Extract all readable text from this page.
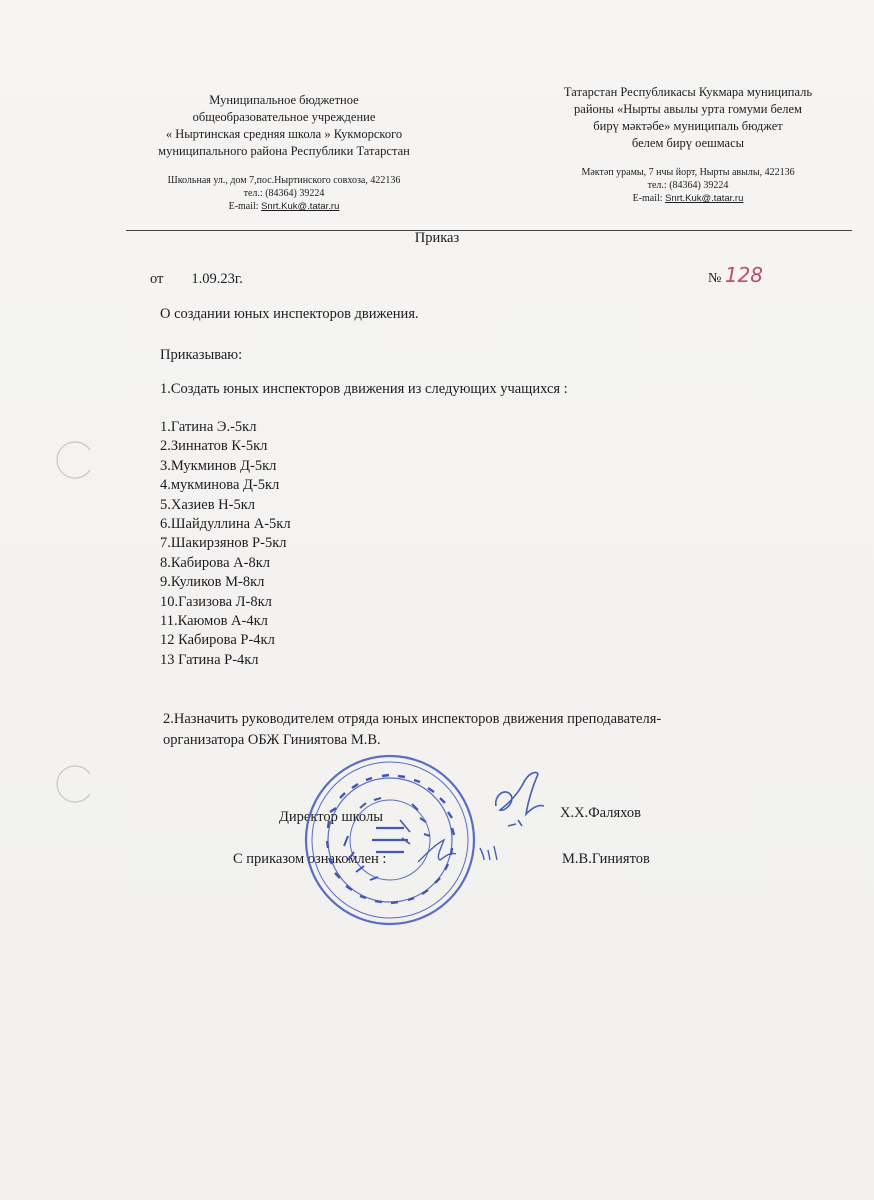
Муниципальное бюджетное
общеобразовательное учреждение
« Ныртинская средняя школа » Кукморского
муниципального района Республики Татарстан
Школьная ул., дом 7,пос.Ныртинского совхоза, 422136
тел.: (84364) 39224
E-mail: Snrt.Kuk@.tatar.ru
Татарстан Республикасы Кукмара муниципаль
районы «Нырты авылы урта гомуми белем
бирү мәктәбе» муниципаль бюджет
белем бирү оешмасы
Мәктәп урамы, 7 нчы йорт, Нырты авылы, 422136
тел.: (84364) 39224
E-mail: Snrt.Kuk@.tatar.ru
Приказ
от 1.09.23г.	№ 128
О создании юных инспекторов движения.
Приказываю:
1.Создать юных инспекторов движения из следующих учащихся :
1.Гатина Э.-5кл
2.Зиннатов К-5кл
3.Мукминов Д-5кл
4.мукминова Д-5кл
5.Хазиев Н-5кл
6.Шайдуллина А-5кл
7.Шакирзянов Р-5кл
8.Кабирова А-8кл
9.Куликов М-8кл
10.Газизова Л-8кл
11.Каюмов А-4кл
12 Кабирова Р-4кл
13 Гатина Р-4кл
2.Назначить руководителем отряда юных инспекторов движения преподавателя-
организатора ОБЖ Гиниятова М.В.
Директор школы	Х.Х.Фаляхов
С приказом ознакомлен :	М.В.Гиниятов
